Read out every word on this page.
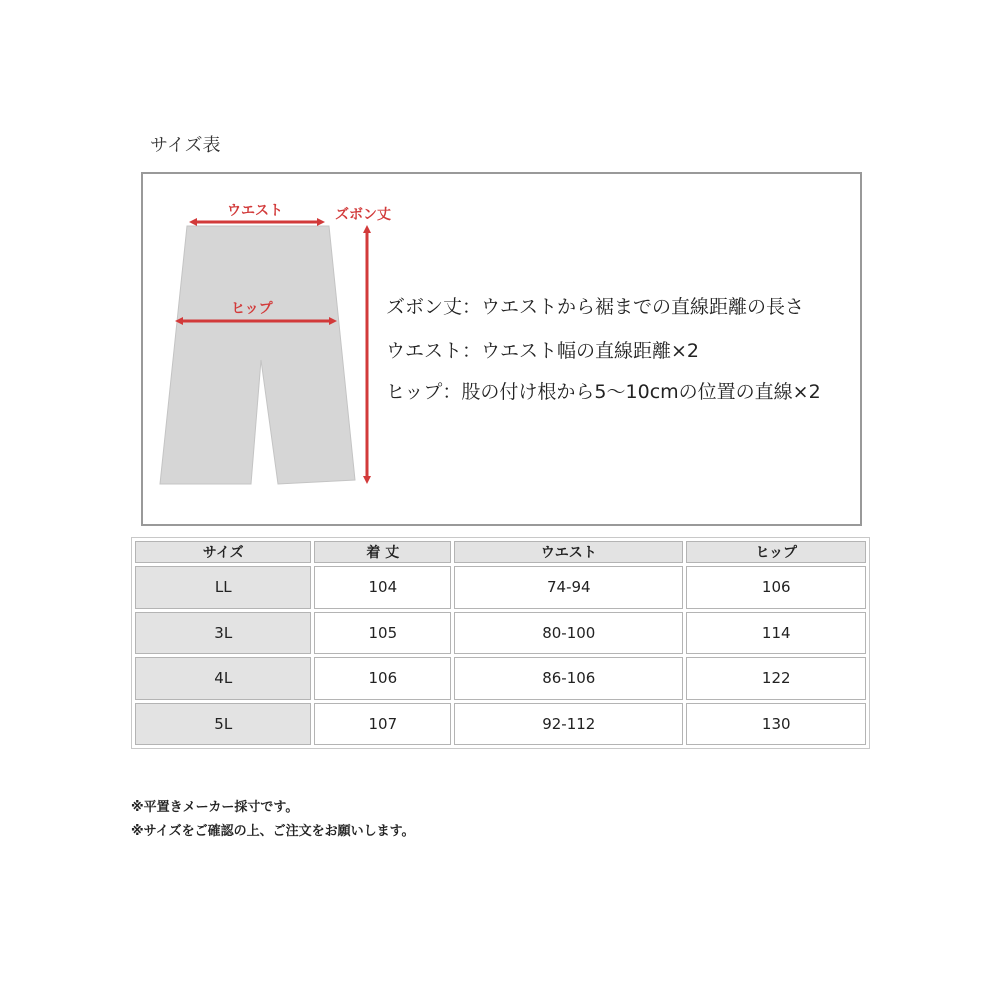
サイズ表
ウエスト	ズボン丈
ヒップ	ズボン丈：ウエストから裾までの直線距離の長さ
ウエスト：ウエスト幅の直線距離×2
ヒップ：股の付け根から5～10cmの位置の直線×2
サイズ	着 丈	ウエスト	ヒップ
LL	104	74-94	106
3L	105	80-100	114
4L	106	86-106	122
5L	107	92-112	130
※平置きメーカー採寸です。
※サイズをご確認の上、ご注文をお願いします。
